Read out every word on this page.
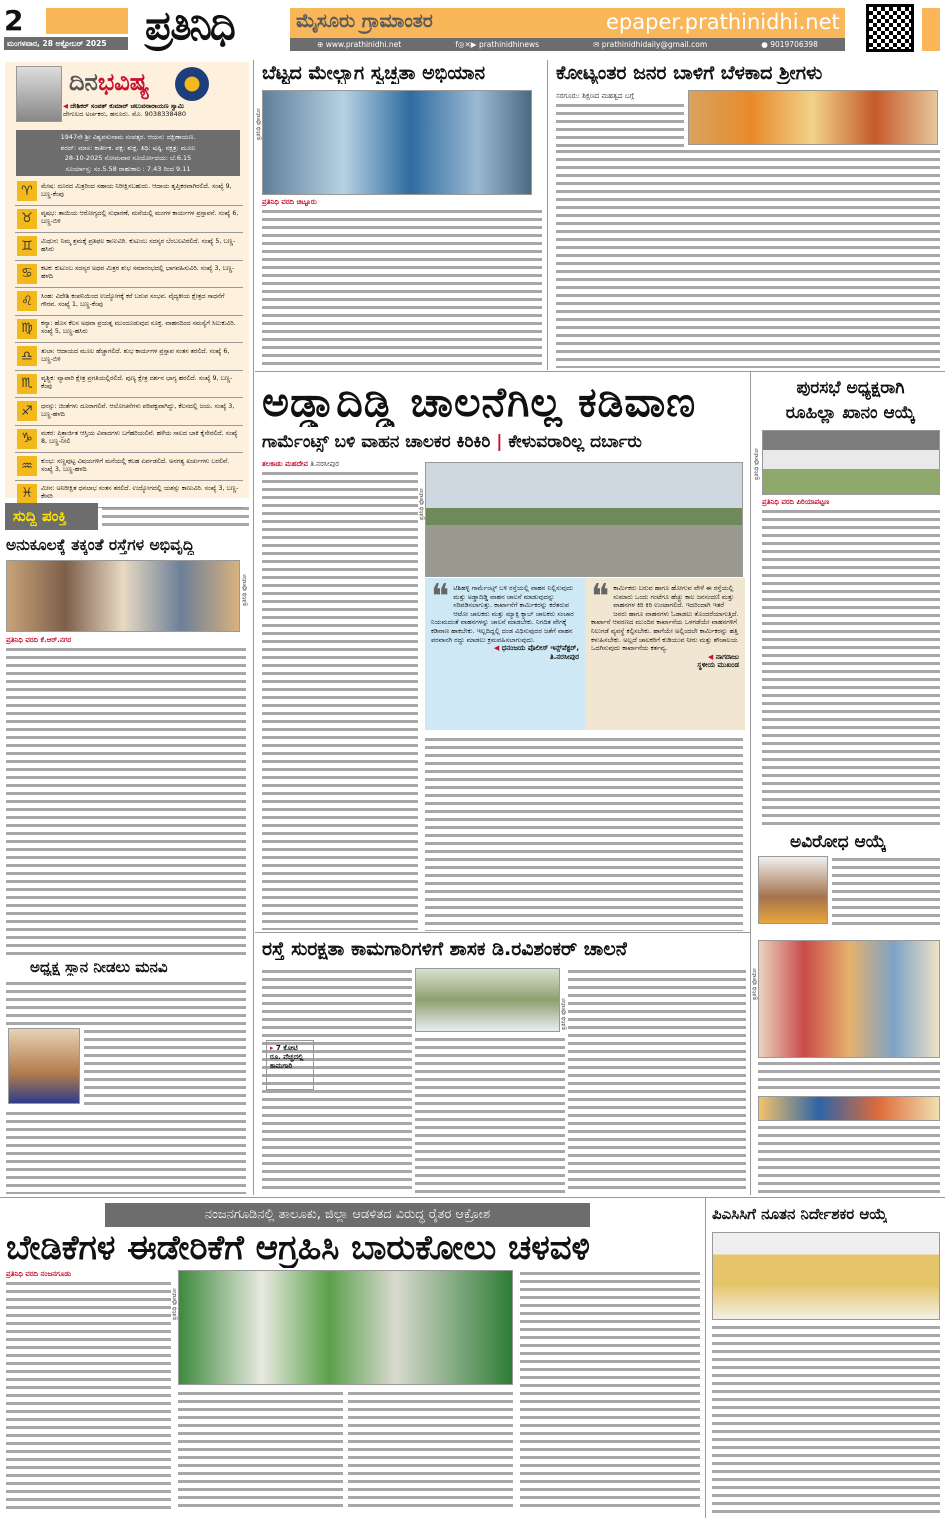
2
ಮಂಗಳವಾರ, 28 ಅಕ್ಟೋಬರ್ 2025 ಪ್ರತಿನಿಧಿ	ಮೈಸೂರು ಗ್ರಾಮಾಂತರ	epaper.prathinidhi.net
⊕ www.prathinidhi.net	f◎✕▶ prathinidhinews	✉ prathinidhidaily@gmail.com	● 9019706398
ದಿನಭವಿಷ್ಯ
◀ ದೇಶಿಕರ್ ಸಂಪತ್ ಕುಮಾರ್ ಚಲುವನಾರಾಯಣ ಸ್ವಾಮಿ
ದೇಗುಲದ ಅರ್ಚಕರು, ಹನೂರು. ಮೊ. 9038338480
1947ನೇ ಶ್ರೀ ವಿಶ್ವವಸುನಾಮ ಸಂವತ್ಸರ. ಆಯನ: ದಕ್ಷಿಣಾಯಣ.
ಶರದ್: ಮಾಸ: ಕಾರ್ತೀಕ. ಪಕ್ಷ: ಶುಕ್ಲ. ತಿಥಿ: ಷಷ್ಠಿ. ನಕ್ಷತ್ರ: ಮೂಲ
28-10-2025 ಸೋಮವಾರ ಸೂರ್ಯೋದಯ: ಬೆ.6.15
ಸೂರ್ಯಾಸ್ತ: ಸಂ.5.58 ರಾಹುಕಾಲ : 7.43 ರಿಂದ 9.11
♈	ಮೇಷ: ದೂರದ ಮಿತ್ರರಿಂದ ಸಹಾಯ ನಿರೀಕ್ಷಿಸಬಹುದು. ಆದಾಯ ತೃಪ್ತಿಕರವಾಗಿರಲಿದೆ. ಸಂಖ್ಯೆ 9, ಬಣ್ಣ-ಕೆಂಪು
♉	ವೃಷಭ: ತಾಯಿಯ ಆರೋಗ್ಯದಲ್ಲಿ ಸುಧಾರಣೆ, ಮನೆಯಲ್ಲಿ ಮಂಗಳ ಕಾರ್ಯಗಳ ಪ್ರಸ್ತಾವನೆ. ಸಂಖ್ಯೆ 6, ಬಣ್ಣ-ಬಿಳಿ
♊	ಮಿಥುನ: ನಿಮ್ಮ ಶ್ರಮಕ್ಕೆ ಪ್ರತಿಫಲ ಕಾಣುವಿರಿ. ಕುಟುಂಬ ಸದಸ್ಯರ ಬೆಂಬಲವಿರಲಿದೆ. ಸಂಖ್ಯೆ 5, ಬಣ್ಣ-ಹಸಿರು
♋	ಕಟಕ: ಕುಟುಂಬ ಸದಸ್ಯರ ಅಥವ ಮಿತ್ರರ ಶುಭ ಸಮಾರಂಭದಲ್ಲಿ ಭಾಗವಹಿಸುವಿರಿ. ಸಂಖ್ಯೆ 3, ಬಣ್ಣ-ಹಳದಿ
♌	ಸಿಂಹ: ವಿದೇಶಿ ಕಂಪನಿಯಿಂದ ಉದ್ಯೋಗಕ್ಕೆ ಕರೆ ಬರುವ ಸಂಭವ. ವೈದ್ಯಕೀಯ ಕ್ಷೇತ್ರದ ಸಾಧನೆಗೆ ಗೌರವ. ಸಂಖ್ಯೆ 1, ಬಣ್ಣ-ಕೆಂಪು
♍	ಕನ್ಯಾ: ಹೊಸ ಕೆಲಸ ಅಥವಾ ಪ್ರಯತ್ನ ಮುಂದೂಡುವುದ ಸೂಕ್ತ. ವಾಹನದಿಂದ ಸಮಸ್ಯೆಗೆ ಸಿಲುಕುವಿರಿ. ಸಂಖ್ಯೆ 5, ಬಣ್ಣ-ಹಸಿರು
♎	ತುಲಾ: ಆದಾಯದ ಮೂಲ ಹೆಚ್ಚಾಗಲಿದೆ. ಶುಭ ಕಾರ್ಯಗಳ ಪ್ರಸ್ತಾಪ ಸಂತಸ ತರಲಿದೆ. ಸಂಖ್ಯೆ 6, ಬಣ್ಣ-ಬಿಳಿ
♏	ವೃಶ್ಚಿಕ: ವ್ಯಾಪಾರಿ ಕ್ಷೇತ್ರ ಪ್ರಗತಿಯಲ್ಲಿರಲಿದೆ. ಪುಣ್ಯ ಕ್ಷೇತ್ರ ದರ್ಶನ ಭಾಗ್ಯ ಹರಲಿದೆ. ಸಂಖ್ಯೆ 9, ಬಣ್ಣ-ಕೆಂಪು
♐	ಧನಸ್ಸು: ಚಿಂತೆಗಳು ದೂರಾಗಲಿವೆ. ಆಲೋಚನೆಗಳು ಪರಿಪಕ್ವವಾಗಿದ್ದು, ಕೆಲಸದಲ್ಲಿ ಜಯ. ಸಂಖ್ಯೆ 3, ಬಣ್ಣ-ಹಳದಿ
♑	ಮಕರ: ಪಿತ್ರಾರ್ಜಿತ ಆಸ್ತಿಯ ವಿವಾದಗಳು ಬಗೆಹರಿಯಲಿವೆ. ಹಳೆಯ ಸಾಲದ ಬಾಕಿ ಕೈಸೇರಲಿದೆ. ಸಂಖ್ಯೆ 8, ಬಣ್ಣ-ನೀಲಿ
♒	ಕುಂಭ: ಸಣ್ಣಪುಟ್ಟ ವಿಷಯಗಳಿಗೆ ಮನೆಯಲ್ಲಿ ಕಲಹ ಏರ್ಪಡಲಿದೆ. ಅನಗತ್ಯ ಖರ್ಚುಗಳು ಬರಲಿವೆ. ಸಂಖ್ಯೆ 3, ಬಣ್ಣ-ಹಳದಿ
♓	ಮೀನ: ಅನಿರೀಕ್ಷಿತ ಧನಲಾಭ ಸಂತಸ ತರಲಿದೆ. ಉದ್ಯೋಗದಲ್ಲಿ ಯಶಸ್ಸು ಕಾಣುವಿರಿ. ಸಂಖ್ಯೆ 3, ಬಣ್ಣ-ಕೇಸರಿ
ಸುದ್ದಿ ಪಂಕ್ತಿ
ಅನುಕೂಲಕ್ಕೆ ತಕ್ಕಂತೆ ರಸ್ತೆಗಳ ಅಭಿವೃದ್ಧಿ
ಪ್ರತಿನಿಧಿ ಫೋಟೋ
ಪ್ರತಿನಿಧಿ ವರದಿ ಕೆ.ಆರ್.ನಗರ
ಅಧ್ಯಕ್ಷ ಸ್ಥಾನ ನೀಡಲು ಮನವಿ
ಬೆಟ್ಟದ ಮೇಲ್ಭಾಗ ಸ್ವಚ್ಛತಾ ಅಭಿಯಾನ
ಪ್ರತಿನಿಧಿ ಫೋಟೋ
ಪ್ರತಿನಿಧಿ ವರದಿ ಚಿಟ್ಟೂರು
ಕೋಟ್ಯಂತರ ಜನರ ಬಾಳಿಗೆ ಬೆಳಕಾದ ಶ್ರೀಗಳು
ಸರಗೂರು: ಶಿಕ್ಷಣದ ಮಹತ್ವದ ಬಗ್ಗೆ
ಅಡ್ಡಾದಿಡ್ಡಿ ಚಾಲನೆಗಿಲ್ಲ ಕಡಿವಾಣ
ಗಾರ್ಮೆಂಟ್ಸ್ ಬಳಿ ವಾಹನ ಚಾಲಕರ ಕಿರಿಕಿರಿ | ಕೇಳುವರಾರಿಲ್ಲ ದರ್ಬಾರು
ತಲಕಾಡು ಮಹದೇವ ತಿ.ನರಸೀಪುರ
ಪ್ರತಿನಿಧಿ ಫೋಟೋ
❝ ಟಿಶಿಹಳ್ಳಿ ಗಾರ್ಮೆಂಟ್ಸ್ ಬಳಿ ರಸ್ತೆಯಲ್ಲಿ ವಾಹನ ನಿಲ್ಲಿಸುವುದು ಮತ್ತು ಅಡ್ಡಾದಿಡ್ಡಿ ವಾಹನ ಚಾಲನೆ ಮಾಡುವುದನ್ನು ಸರಿಪಡಿಸಲಾಗುತ್ತು. ಕಾರ್ಖಾನೆಗೆ ಕಾರ್ಮಿಕರನ್ನು ಕರೆತರುವ ಆಟೋ ಚಾಲಕರು ಮತ್ತು ಮ್ಯಾಕ್ಸಿ ಕ್ಯಾಬ್ ಚಾಲಕರು ಸಂಚಾರ ನಿಯಮದಂತೆ ವಾಹನಗಳನ್ನು ಚಾಲನೆ ಮಾಡಬೇಕು. ನಿಗದಿತ ವೇಗಕ್ಕೆ ಕಡಿವಾಣ ಹಾಕಬೇಕು. ಇಲ್ಲದಿದ್ದಲ್ಲಿ ದಂಡ ವಿಧಿಸುವುದರ ಜತೆಗೆ ವಾಹನ ಪರವಾನಗಿ ರದ್ದು ಮಾಡಲು ಕ್ರಮವಹಿಸಲಾಗುವುದು.
◀ ಧನಂಜಯ ಪೊಲೀಸ್ ಇನ್ಸ್‌ಪೆಕ್ಟರ್,
ತಿ.ನರಸೀಪುರ
❝ ಕಾರ್ಮಿಕರು ಬರುವ ಹಾಗೂ ಹೋಗುವ ವೇಳೆ ಈ ರಸ್ತೆಯಲ್ಲಿ ಸುಮಾರು ಒಂದು ಗಂಟೆಗೂ ಹೆಚ್ಚು ಕಾಲ ಜನಸಂದಣಿ ಮತ್ತು ವಾಹನಗಳ ಕಿರಿ ಕಿರಿ ಉಂಟಾಗಲಿದೆ. ಇದರಿಂದಾಗಿ ಇತರೆ ಜನರು ಹಾಗೂ ವಾಹನಗಳು ಓಡಾಡಲು ತೊಂದರೆಯಾಗುತ್ತಿದೆ. ಕಾರ್ಖಾನೆ ಆವರಣದ ಮುಂದಿನ ಕಾರ್ಖಾನೆಯ ಒಳಗಡೆಯೇ ವಾಹನಗಳಿಗೆ ನಿಲುಗಡೆ ವ್ಯವಸ್ಥೆ ಕಲ್ಪಿಸಬೇಕು. ಹಾಗೆಯೇ ಅಲ್ಲಿಂದಲೇ ಕಾರ್ಮಿಕರನ್ನು ಹತ್ತಿ ಕಳುಹಿಸಬೇಕು. ಅಲ್ಲದೆ ಚಾಲಕರಿಗೆ ಕುಡಿಯುವ ನೀರು ಮತ್ತು ಶೌಚಾಲಯ ಒದಗಿಸುವುದು ಕಾರ್ಖಾನೆಯ ಕರ್ತವ್ಯ.
◀ ನಾಗರಾಜು
ಸ್ಥಳೀಯ ಮುಖಂಡ
ಪುರಸಭೆ ಅಧ್ಯಕ್ಷರಾಗಿ
ರೂಹಿಲ್ಲಾ ಖಾನಂ ಆಯ್ಕೆ
ಪ್ರತಿನಿಧಿ ಫೋಟೋ
ಪ್ರತಿನಿಧಿ ವರದಿ ಪಿರಿಯಾಪಟ್ಟಣ
ಅವಿರೋಧ ಆಯ್ಕೆ
ಪ್ರತಿನಿಧಿ ಫೋಟೋ
ರಸ್ತೆ ಸುರಕ್ಷತಾ ಕಾಮಗಾರಿಗಳಿಗೆ ಶಾಸಕ ಡಿ.ರವಿಶಂಕರ್ ಚಾಲನೆ
ಪ್ರತಿನಿಧಿ ಫೋಟೋ
▸ 7 ಕೋಟಿ ರೂ. ವೆಚ್ಚದಲ್ಲಿ ಕಾಮಗಾರಿ
ನಂಜನಗೂಡಿನಲ್ಲಿ ತಾಲೂಕು, ಜಿಲ್ಲಾ ಆಡಳಿತದ ವಿರುದ್ಧ ರೈತರ ಆಕ್ರೋಶ
ಬೇಡಿಕೆಗಳ ಈಡೇರಿಕೆಗೆ ಆಗ್ರಹಿಸಿ ಬಾರುಕೋಲು ಚಳವಳಿ
ಪ್ರತಿನಿಧಿ ವರದಿ ನಂಜನಗೂಡು
ಪ್ರತಿನಿಧಿ ಫೋಟೋ
ಪಿಎಸಿಸಿಗೆ ನೂತನ ನಿರ್ದೇಶಕರ ಆಯ್ಕೆ
